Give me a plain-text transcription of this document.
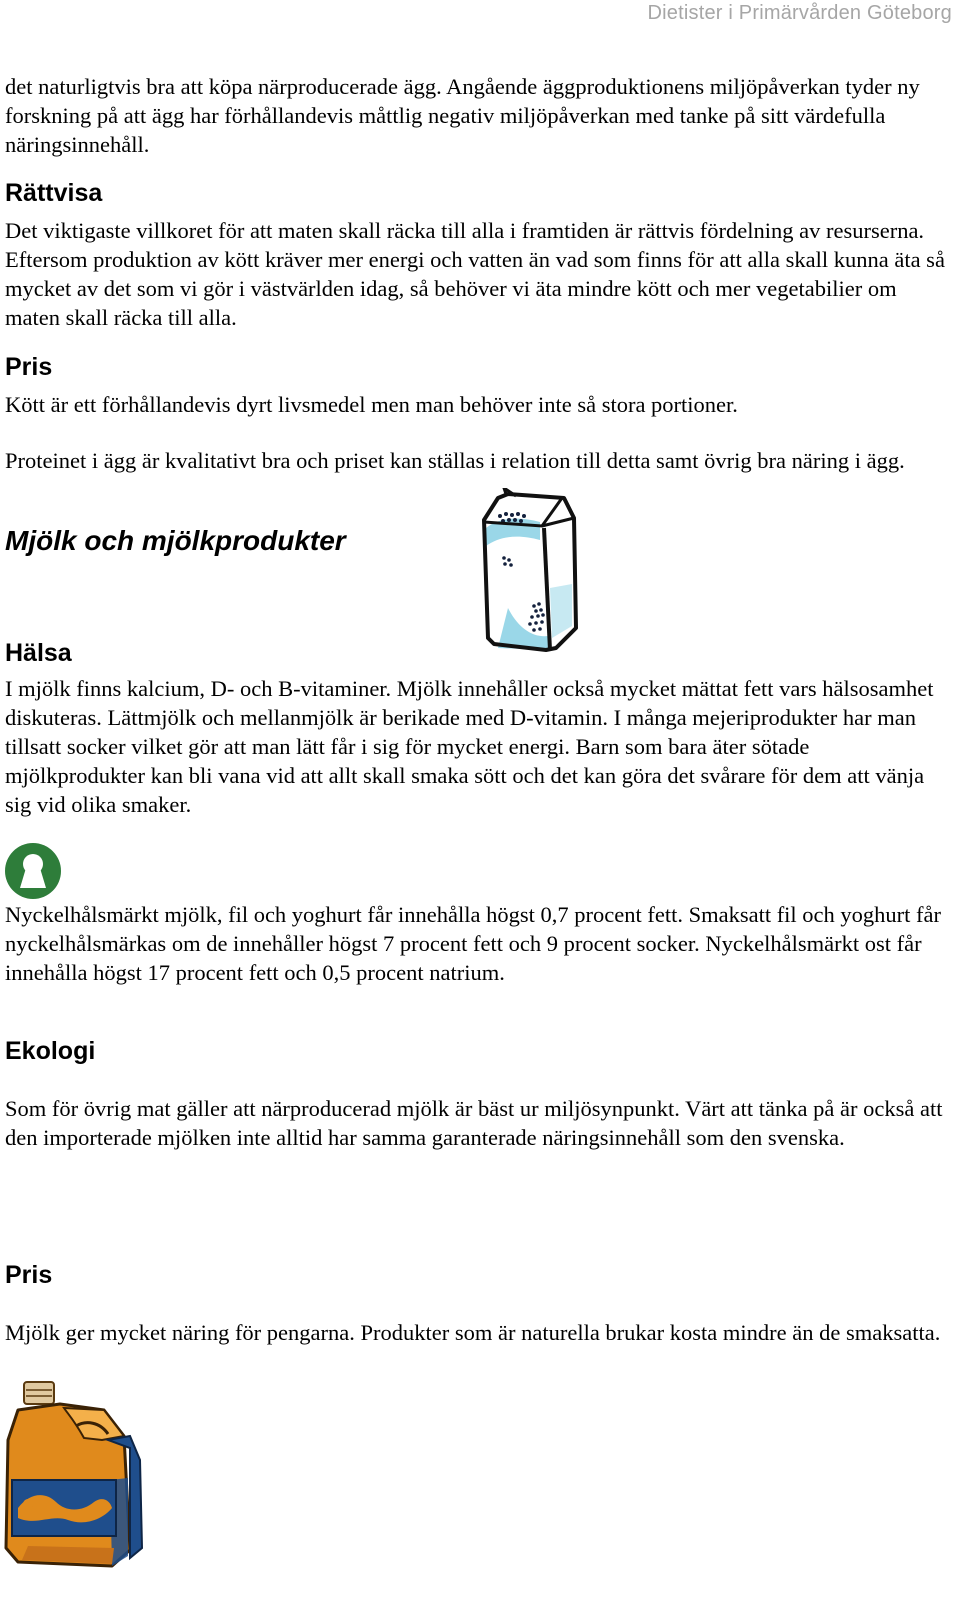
Dietister i Primärvården Göteborg

det naturligtvis bra att köpa närproducerade ägg. Angående äggproduktionens miljöpåverkan tyder ny forskning på att ägg har förhållandevis måttlig negativ miljöpåverkan med tanke på sitt värdefulla näringsinnehåll.

Rättvisa

Det viktigaste villkoret för att maten skall räcka till alla i framtiden är rättvis fördelning av resurserna. Eftersom produktion av kött kräver mer energi och vatten än vad som finns för att alla skall kunna äta så mycket av det som vi gör i västvärlden idag, så behöver vi äta mindre kött och mer vegetabilier om maten skall räcka till alla.

Pris

Kött är ett förhållandevis dyrt livsmedel men man behöver inte så stora portioner.

Proteinet i ägg är kvalitativt bra och priset kan ställas i relation till detta samt övrig bra näring i ägg.

Mjölk och mjölkprodukter
Hälsa

I mjölk finns kalcium, D- och B-vitaminer. Mjölk innehåller också mycket mättat fett vars hälsosamhet diskuteras. Lättmjölk och mellanmjölk är berikade med D-vitamin. I många mejeriprodukter har man tillsatt socker vilket gör att man lätt får i sig för mycket energi. Barn som bara äter sötade mjölkprodukter kan bli vana vid att allt skall smaka sött och det kan göra det svårare för dem att vänja sig vid olika smaker.

Nyckelhålsmärkt mjölk, fil och yoghurt får innehålla högst 0,7 procent fett. Smaksatt fil och yoghurt får nyckelhålsmärkas om de innehåller högst 7 procent fett och 9 procent socker. Nyckelhålsmärkt ost får innehålla högst 17 procent fett och 0,5 procent natrium.

Ekologi

Som för övrig mat gäller att närproducerad mjölk är bäst ur miljösynpunkt. Värt att tänka på är också att den importerade mjölken inte alltid har samma garanterade näringsinnehåll som den svenska.

Pris

Mjölk ger mycket näring för pengarna. Produkter som är naturella brukar kosta mindre än de smaksatta.
